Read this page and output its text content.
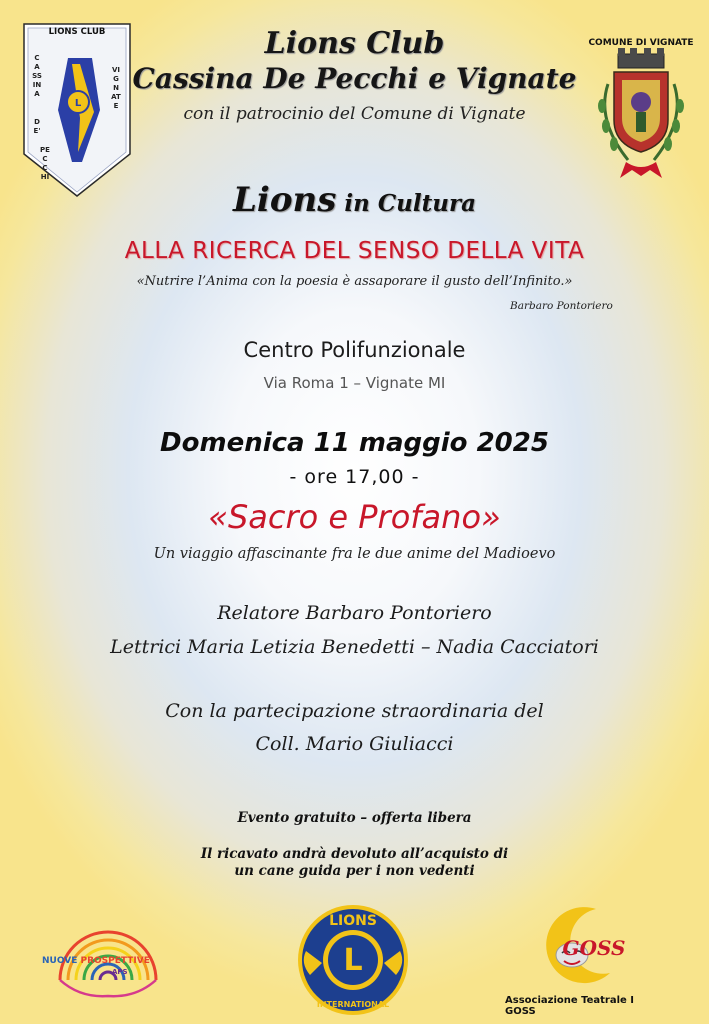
L
LIONS CLUB
CASSINA
DE'
PECCHI
VIGNATE
COMUNE DI VIGNATE
Lions Club
Cassina De Pecchi e Vignate
con il patrocinio del Comune di Vignate
Lions in Cultura
ALLA RICERCA DEL SENSO DELLA VITA
«Nutrire l’Anima con la poesia è assaporare il gusto dell’Infinito.»
Barbaro Pontoriero
Centro Polifunzionale
Via Roma 1 – Vignate MI
Domenica 11 maggio 2025
- ore 17,00 -
«Sacro e Profano»
Un viaggio affascinante fra le due anime del Madioevo
Relatore Barbaro Pontoriero
Lettrici Maria Letizia Benedetti – Nadia Cacciatori
Con la partecipazione straordinaria del
Coll. Mario Giuliacci
Evento gratuito – offerta libera
Il ricavato andrà devoluto all’acquisto di
un cane guida per i non vedenti
NUOVE PROSPETTIVE
APS	L
LIONS
INTERNATIONAL
GOSS
Associazione Teatrale I GOSS
